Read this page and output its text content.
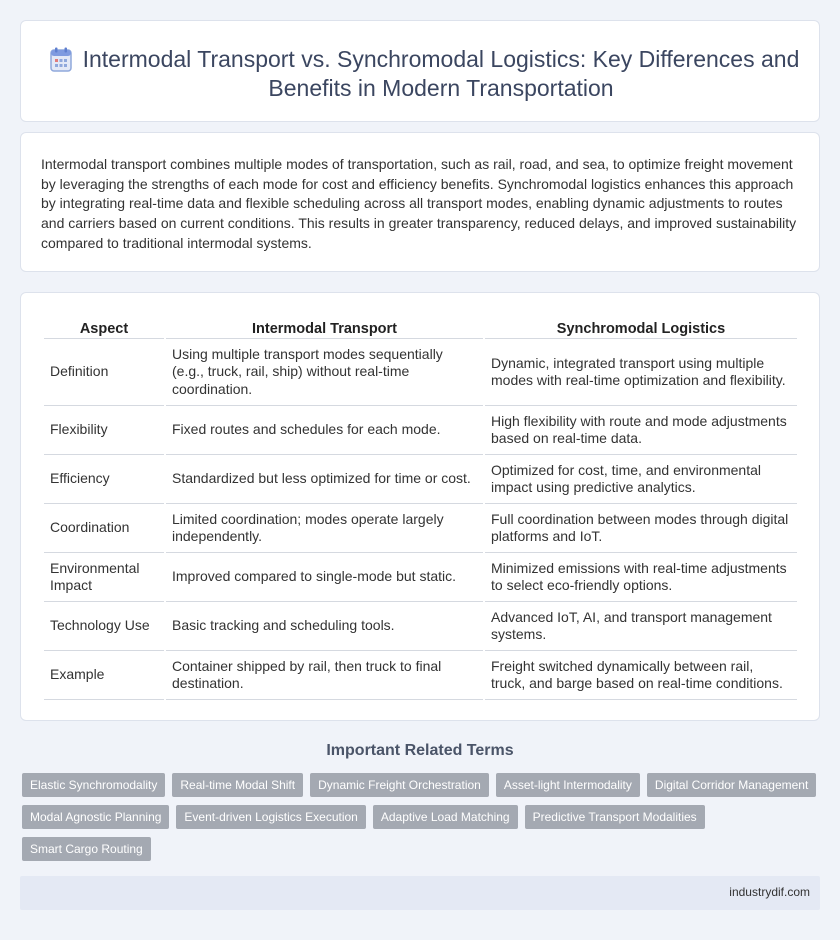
Intermodal Transport vs. Synchromodal Logistics: Key Differences and Benefits in Modern Transportation

Intermodal transport combines multiple modes of transportation, such as rail, road, and sea, to optimize freight movement by leveraging the strengths of each mode for cost and efficiency benefits. Synchromodal logistics enhances this approach by integrating real-time data and flexible scheduling across all transport modes, enabling dynamic adjustments to routes and carriers based on current conditions. This results in greater transparency, reduced delays, and improved sustainability compared to traditional intermodal systems.

Aspect	Intermodal Transport	Synchromodal Logistics
Definition	Using multiple transport modes sequentially (e.g., truck, rail, ship) without real-time coordination.	Dynamic, integrated transport using multiple modes with real-time optimization and flexibility.
Flexibility	Fixed routes and schedules for each mode.	High flexibility with route and mode adjustments based on real-time data.
Efficiency	Standardized but less optimized for time or cost.	Optimized for cost, time, and environmental impact using predictive analytics.
Coordination	Limited coordination; modes operate largely independently.	Full coordination between modes through digital platforms and IoT.
Environmental Impact	Improved compared to single-mode but static.	Minimized emissions with real-time adjustments to select eco-friendly options.
Technology Use	Basic tracking and scheduling tools.	Advanced IoT, AI, and transport management systems.
Example	Container shipped by rail, then truck to final destination.	Freight switched dynamically between rail, truck, and barge based on real-time conditions.
Important Related Terms
Elastic Synchromodality	Real-time Modal Shift	Dynamic Freight Orchestration	Asset-light Intermodality	Digital Corridor Management
Modal Agnostic Planning	Event-driven Logistics Execution	Adaptive Load Matching	Predictive Transport Modalities
Smart Cargo Routing
industrydif.com
